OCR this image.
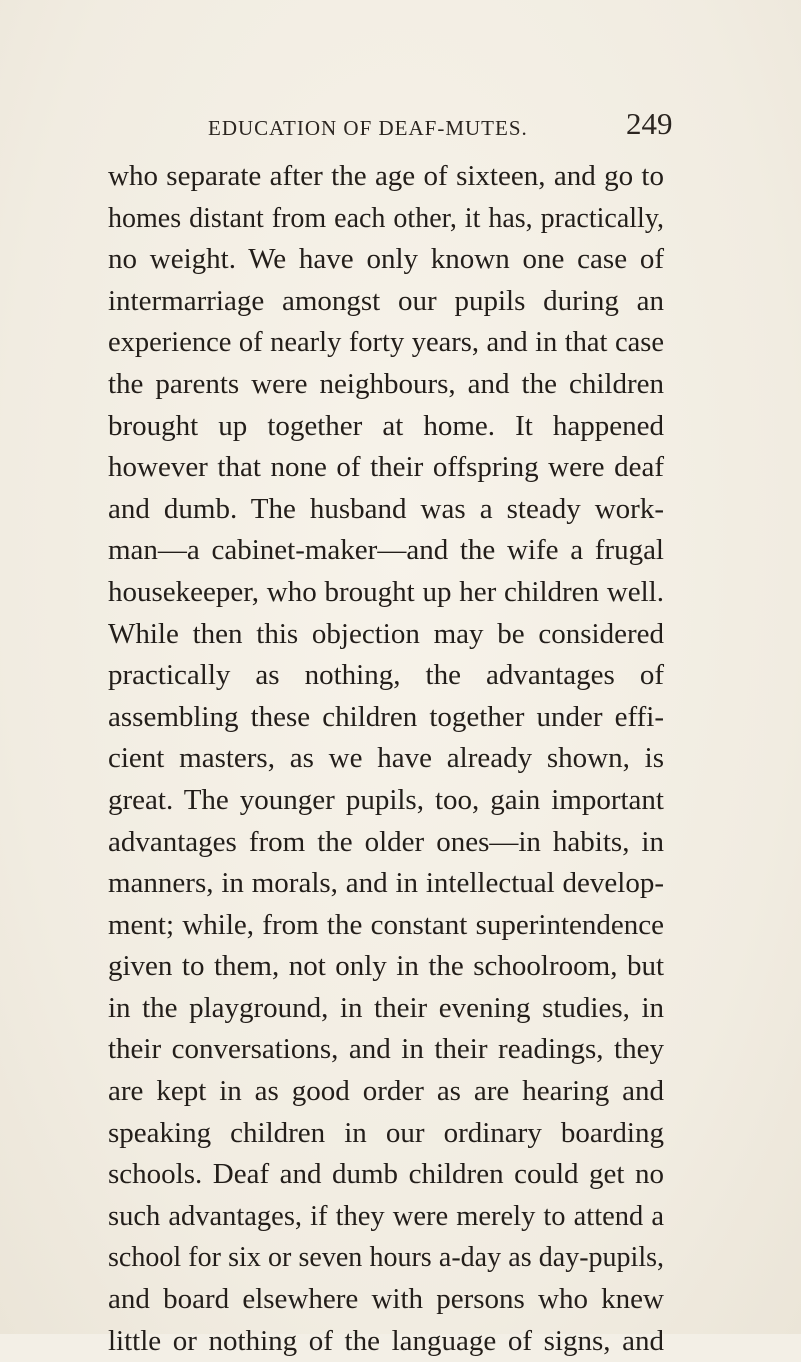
EDUCATION OF DEAF-MUTES.	249
who separate after the age of sixteen, and go to
homes distant from each other, it has, practically,
no weight. We have only known one case of
intermarriage amongst our pupils during an
experience of nearly forty years, and in that case
the parents were neighbours, and the children
brought up together at home. It happened
however that none of their offspring were deaf
and dumb. The husband was a steady work-
man—a cabinet-maker—and the wife a frugal
housekeeper, who brought up her children well.
While then this objection may be considered
practically as nothing, the advantages of
assembling these children together under effi-
cient masters, as we have already shown, is
great. The younger pupils, too, gain important
advantages from the older ones—in habits, in
manners, in morals, and in intellectual develop-
ment; while, from the constant superintendence
given to them, not only in the schoolroom, but
in the playground, in their evening studies, in
their conversations, and in their readings, they
are kept in as good order as are hearing and
speaking children in our ordinary boarding
schools. Deaf and dumb children could get no
such advantages, if they were merely to attend a
school for six or seven hours a-day as day-pupils,
and board elsewhere with persons who knew
little or nothing of the language of signs, and
